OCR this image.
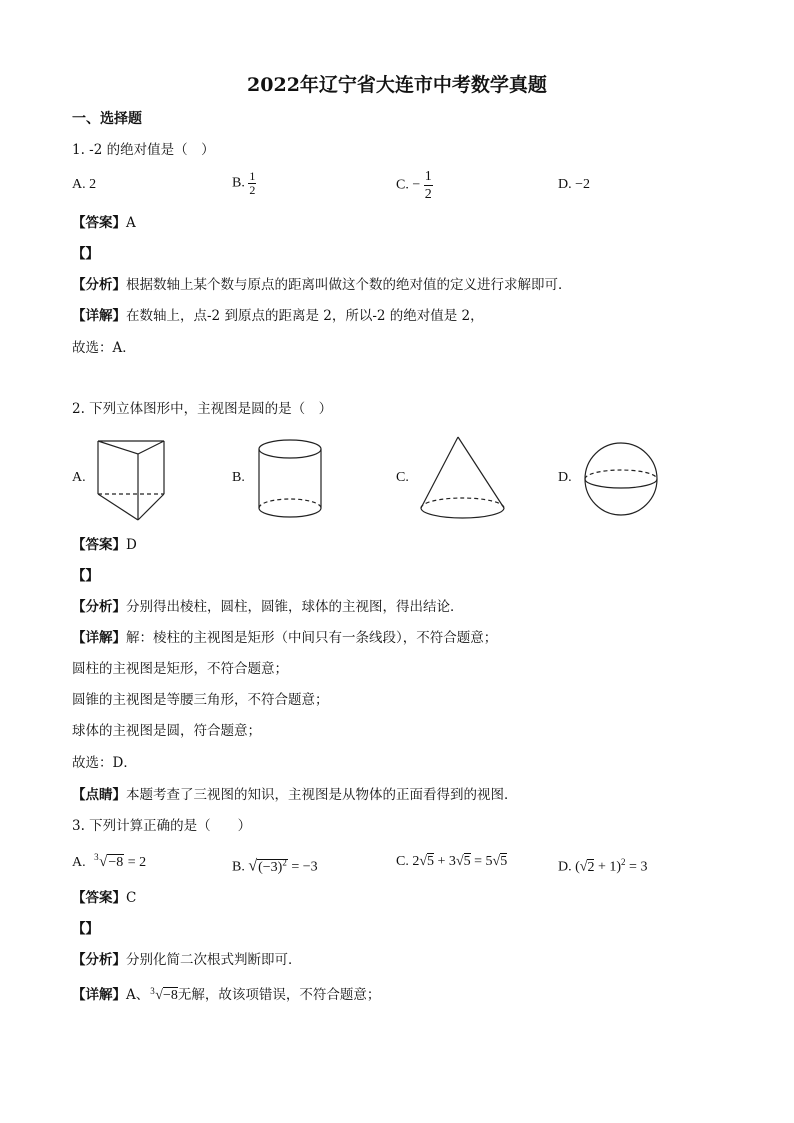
2022年辽宁省大连市中考数学真题
一、选择题
1. -2 的绝对值是（　）
A. 2	B. $\frac{1}{2}$	C. − $\frac{1}{2}$	D. −2
【答案】A
【】
【分析】根据数轴上某个数与原点的距离叫做这个数的绝对值的定义进行求解即可．
【详解】在数轴上，点-2 到原点的距离是 2，所以-2 的绝对值是 2，
故选：A．
2. 下列立体图形中，主视图是圆的是（　）
A.	B.	C.	D.
【答案】D
【】
【分析】分别得出棱柱，圆柱，圆锥，球体的主视图，得出结论．
【详解】解：棱柱的主视图是矩形（中间只有一条线段），不符合题意；
圆柱的主视图是矩形，不符合题意；
圆锥的主视图是等腰三角形，不符合题意；
球体的主视图是圆，符合题意；
故选：D．
【点睛】本题考查了三视图的知识，主视图是从物体的正面看得到的视图．
3. 下列计算正确的是（　　）
A. 3 √−8 = 2	B. $√(-3)^2 = -3$	C. 2√5 + 3√5 = 5√5	D. $(√2 + 1)^2 = 3$
【答案】C
【】
【分析】分别化简二次根式判断即可．
【详解】A、 3 √−8无解，故该项错误，不符合题意；
